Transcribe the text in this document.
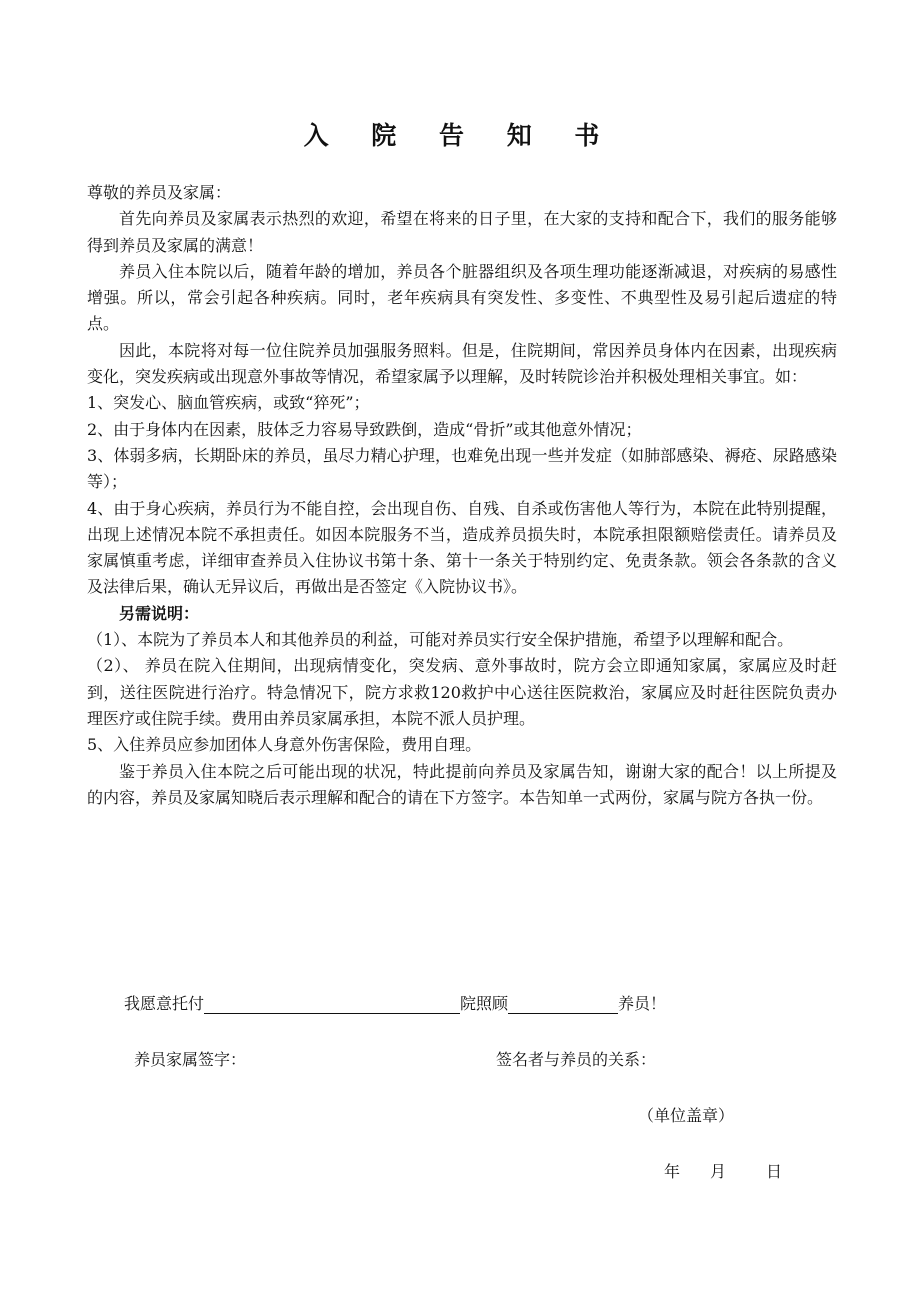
入 院 告 知 书

尊敬的养员及家属：

首先向养员及家属表示热烈的欢迎，希望在将来的日子里，在大家的支持和配合下，我们的服务能够得到养员及家属的满意！

养员入住本院以后，随着年龄的增加，养员各个脏器组织及各项生理功能逐渐减退，对疾病的易感性增强。所以，常会引起各种疾病。同时，老年疾病具有突发性、多变性、不典型性及易引起后遗症的特点。

因此，本院将对每一位住院养员加强服务照料。但是，住院期间，常因养员身体内在因素，出现疾病变化，突发疾病或出现意外事故等情况，希望家属予以理解，及时转院诊治并积极处理相关事宜。如：

1、突发心、脑血管疾病，或致“猝死”；

2、由于身体内在因素，肢体乏力容易导致跌倒，造成“骨折”或其他意外情况；

3、体弱多病，长期卧床的养员，虽尽力精心护理，也难免出现一些并发症（如肺部感染、褥疮、尿路感染等）；

4、由于身心疾病，养员行为不能自控，会出现自伤、自残、自杀或伤害他人等行为，本院在此特别提醒，出现上述情况本院不承担责任。如因本院服务不当，造成养员损失时，本院承担限额赔偿责任。请养员及家属慎重考虑，详细审查养员入住协议书第十条、第十一条关于特别约定、免责条款。领会各条款的含义及法律后果，确认无异议后，再做出是否签定《入院协议书》。

另需说明：

（1）、本院为了养员本人和其他养员的利益，可能对养员实行安全保护措施，希望予以理解和配合。

（2）、 养员在院入住期间，出现病情变化，突发病、意外事故时，院方会立即通知家属，家属应及时赶到，送往医院进行治疗。特急情况下，院方求救120救护中心送往医院救治，家属应及时赶往医院负责办理医疗或住院手续。费用由养员家属承担，本院不派人员护理。

5、入住养员应参加团体人身意外伤害保险，费用自理。

鉴于养员入住本院之后可能出现的状况，特此提前向养员及家属告知，谢谢大家的配合！以上所提及的内容，养员及家属知晓后表示理解和配合的请在下方签字。本告知单一式两份，家属与院方各执一份。

我愿意托付	院照顾	养员！
养员家属签字：	签名者与养员的关系：
（单位盖章）
年 月 日
